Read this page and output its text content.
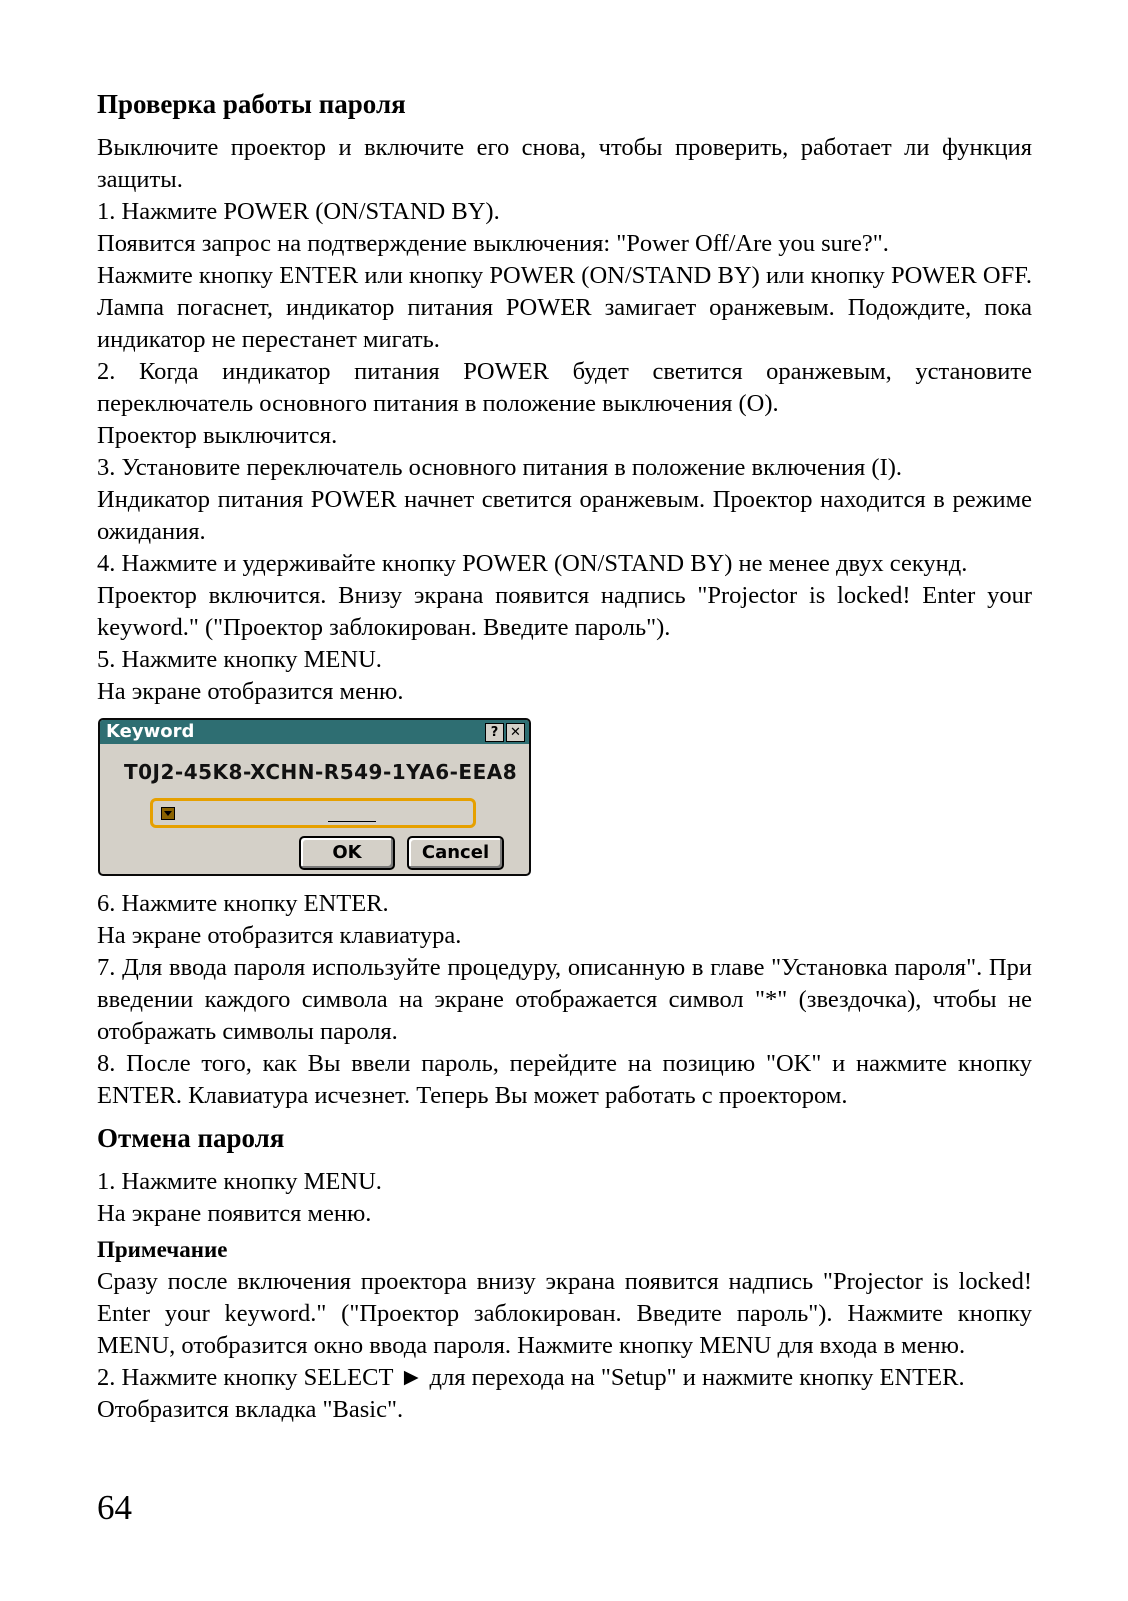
Проверка работы пароля

Выключите проектор и включите его снова, чтобы проверить, работает ли функция защиты.

1. Нажмите POWER (ON/STAND BY).

Появится запрос на подтверждение выключения: "Power Off/Are you sure?".

Нажмите кнопку ENTER или кнопку POWER (ON/STAND BY) или кнопку POWER OFF. Лампа погаснет, индикатор питания POWER замигает оранжевым. Подождите, пока индикатор не перестанет мигать.

2. Когда индикатор питания POWER будет светится оранжевым, установите переключатель основного питания в положение выключения (O).

Проектор выключится.

3. Установите переключатель основного питания в положение включения (I).

Индикатор питания POWER начнет светится оранжевым. Проектор находится в режиме ожидания.

4. Нажмите и удерживайте кнопку POWER (ON/STAND BY) не менее двух секунд.

Проектор включится. Внизу экрана появится надпись "Projector is locked! Enter your keyword." ("Проектор заблокирован. Введите пароль").

5. Нажмите кнопку MENU.

На экране отобразится меню.

Keyword	? ✕
T0J2-45K8-XCHN-R549-1YA6-EEA8
OK	Cancel

6. Нажмите кнопку ENTER.

На экране отобразится клавиатура.

7. Для ввода пароля используйте процедуру, описанную в главе "Установка пароля". При введении каждого символа на экране отображается символ "*" (звездочка), чтобы не отображать символы пароля.

8. После того, как Вы ввели пароль, перейдите на позицию "OK" и нажмите кнопку ENTER. Клавиатура исчезнет. Теперь Вы может работать с проектором.

Отмена пароля

1. Нажмите кнопку MENU.

На экране появится меню.

Примечание

Сразу после включения проектора внизу экрана появится надпись "Projector is locked! Enter your keyword." ("Проектор заблокирован. Введите пароль"). Нажмите кнопку MENU, отобразится окно ввода пароля. Нажмите кнопку MENU для входа в меню.

2. Нажмите кнопку SELECT ► для перехода на "Setup" и нажмите кнопку ENTER.

Отобразится вкладка "Basic".

64
